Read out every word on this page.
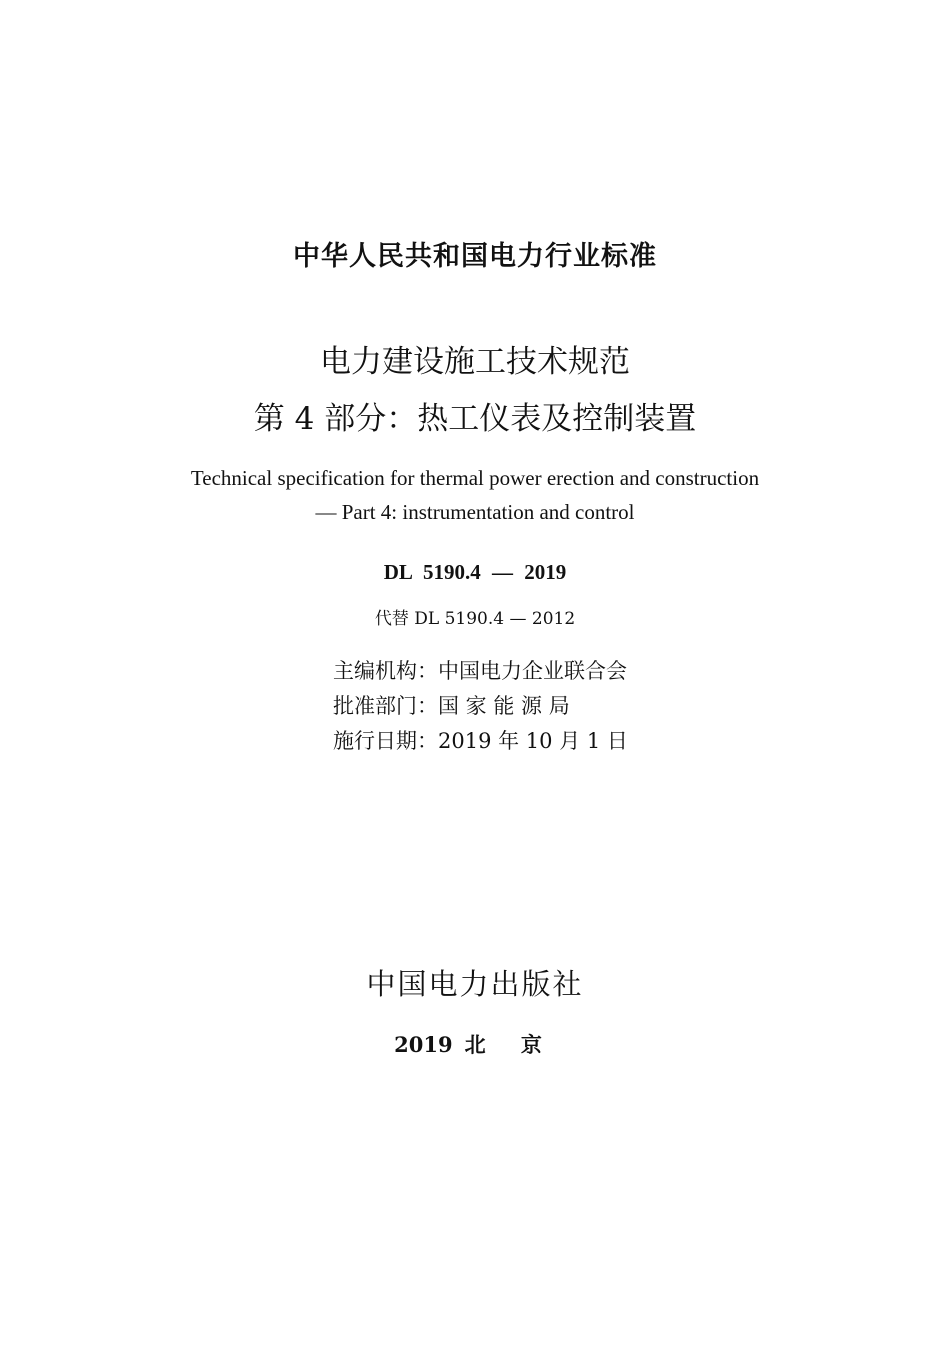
中华人民共和国电力行业标准
电力建设施工技术规范
第 4 部分：热工仪表及控制装置
Technical specification for thermal power erection and construction
— Part 4: instrumentation and control
DL 5190.4 — 2019
代替 DL 5190.4 — 2012
主编机构：中国电力企业联合会
批准部门：国 家 能 源 局
施行日期：2019 年 10 月 1 日
中国电力出版社
2019 北 京
